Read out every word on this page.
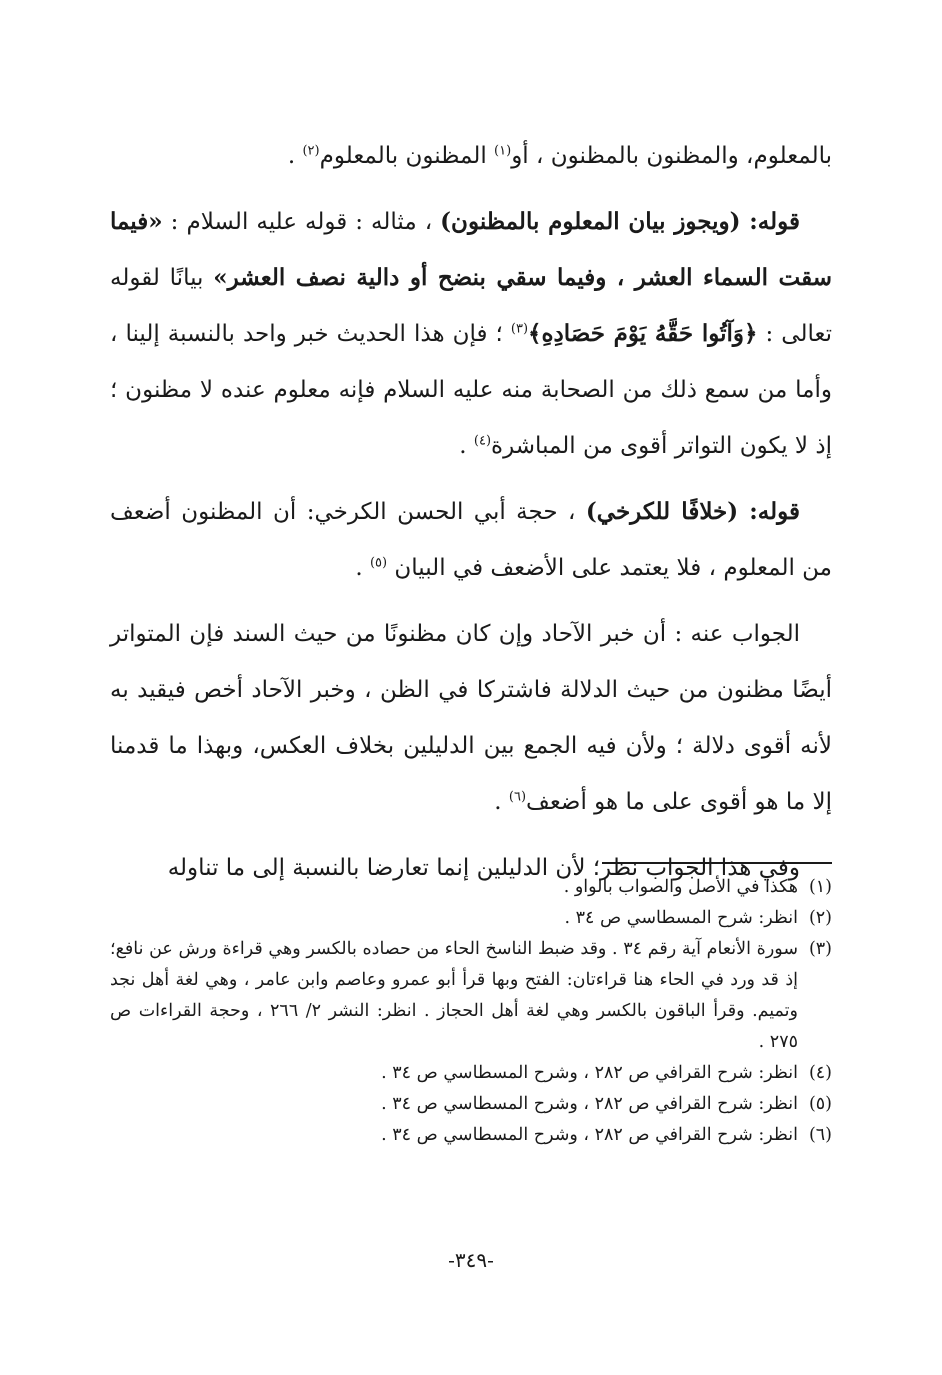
بالمعلوم، والمظنون بالمظنون ، أو$^{(١)}$ المظنون بالمعلوم$^{(٢)}$ .

قوله: (ويجوز بيان المعلوم بالمظنون) ، مثاله : قوله عليه السلام : «فيما سقت السماء العشر ، وفيما سقي بنضح أو دالية نصف العشر» بيانًا لقوله تعالى : ﴿وَآتُوا حَقَّهُ يَوْمَ حَصَادِهِ﴾$^{(٣)}$ ؛ فإن هذا الحديث خبر واحد بالنسبة إلينا ، وأما من سمع ذلك من الصحابة منه عليه السلام فإنه معلوم عنده لا مظنون ؛ إذ لا يكون التواتر أقوى من المباشرة$^{(٤)}$ .

قوله: (خلافًا للكرخي) ، حجة أبي الحسن الكرخي: أن المظنون أضعف من المعلوم ، فلا يعتمد على الأضعف في البيان $^{(٥)}$ .

الجواب عنه : أن خبر الآحاد وإن كان مظنونًا من حيث السند فإن المتواتر أيضًا مظنون من حيث الدلالة فاشتركا في الظن ، وخبر الآحاد أخص فيقيد به لأنه أقوى دلالة ؛ ولأن فيه الجمع بين الدليلين بخلاف العكس، وبهذا ما قدمنا إلا ما هو أقوى على ما هو أضعف$^{(٦)}$ .

وفي هذا الجواب نظر؛ لأن الدليلين إنما تعارضا بالنسبة إلى ما تناوله

(١)
هكذا في الأصل والصواب بالواو .

(٢)
انظر: شرح المسطاسي ص ٣٤ .

(٣)
سورة الأنعام آية رقم ٣٤ . وقد ضبط الناسخ الحاء من حصاده بالكسر وهي قراءة ورش عن نافع؛ إذ قد ورد في الحاء هنا قراءتان: الفتح وبها قرأ أبو عمرو وعاصم وابن عامر ، وهي لغة أهل نجد وتميم. وقرأ الباقون بالكسر وهي لغة أهل الحجاز . انظر: النشر ٢/ ٢٦٦ ، وحجة القراءات ص ٢٧٥ .

(٤)
انظر: شرح القرافي ص ٢٨٢ ، وشرح المسطاسي ص ٣٤ .

(٥)
انظر: شرح القرافي ص ٢٨٢ ، وشرح المسطاسي ص ٣٤ .

(٦)
انظر: شرح القرافي ص ٢٨٢ ، وشرح المسطاسي ص ٣٤ .

-٣٤٩-
